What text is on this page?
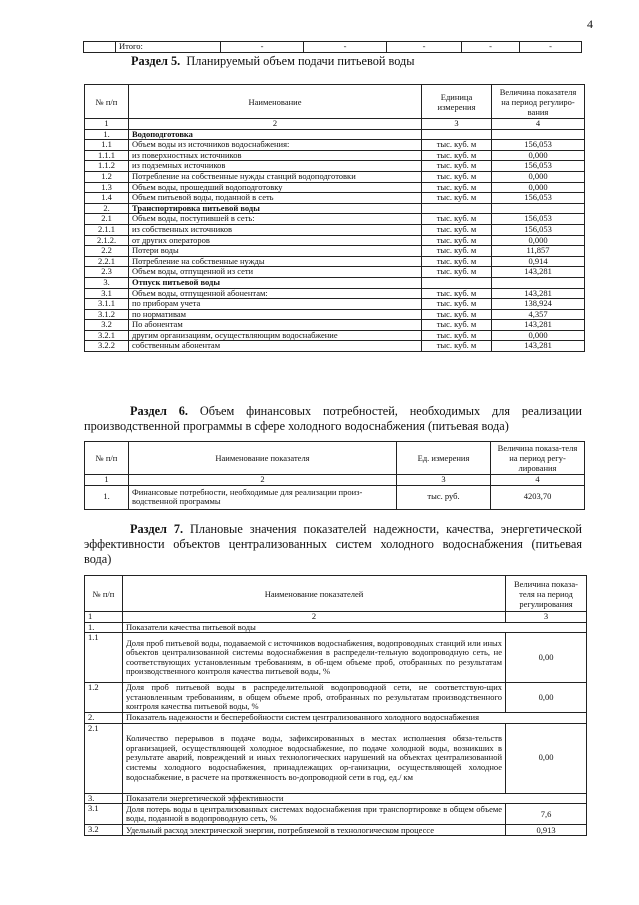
4
	Итого:	-	-	-	-	-
Раздел 5. Планируемый объем подачи питьевой воды
№ п/п	Наименование	Единица измерения	Величина показателя на период регулиро-вания
1	2	3	4
1.	Водоподготовка		
1.1	Объем воды из источников водоснабжения:	тыс. куб. м	156,053
1.1.1	из поверхностных источников	тыс. куб. м	0,000
1.1.2	из подземных источников	тыс. куб. м	156,053
1.2	Потребление на собственные нужды станций водоподготовки	тыс. куб. м	0,000
1.3	Объем воды, прошедший водоподготовку	тыс. куб. м	0,000
1.4	Объем питьевой воды, поданной в сеть	тыс. куб. м	156,053
2.	Транспортировка питьевой воды		
2.1	Объем воды, поступившей в сеть:	тыс. куб. м	156,053
2.1.1	из собственных источников	тыс. куб. м	156,053
2.1.2.	от других операторов	тыс. куб. м	0,000
2.2	Потери воды	тыс. куб. м	11,857
2.2.1	Потребление на собственные нужды	тыс. куб. м	0,914
2.3	Объем воды, отпущенной из сети	тыс. куб. м	143,281
3.	Отпуск питьевой воды		
3.1	Объем воды, отпущенной абонентам:	тыс. куб. м	143,281
3.1.1	по приборам учета	тыс. куб. м	138,924
3.1.2	по нормативам	тыс. куб. м	4,357
3.2	По абонентам	тыс. куб. м	143,281
3.2.1	другим организациям, осуществляющим водоснабжение	тыс. куб. м	0,000
3.2.2	собственным абонентам	тыс. куб. м	143,281
Раздел 6. Объем финансовых потребностей, необходимых для реализации
производственной программы в сфере холодного водоснабжения (питьевая вода)
№ п/п	Наименование показателя	Ед. измерения	Величина показа-теля на период регу-лирования
1	2	3	4
1.	Финансовые потребности, необходимые для реализации произ-водственной программы	тыс. руб.	4203,70
Раздел 7. Плановые значения показателей надежности, качества, энергетической
эффективности объектов централизованных систем холодного водоснабжения (питьевая
вода)
№ п/п	Наименование показателей	Величина показа-теля на период регулирования
1	2	3
1.	Показатели качества питьевой воды	
1.1	Доля проб питьевой воды, подаваемой с источников водоснабжения, водопроводных станций или иных объектов централизованной системы водоснабжения в распредели-тельную водопроводную сеть, не соответствующих установленным требованиям, в об-щем объеме проб, отобранных по результатам производственного контроля качества питьевой воды, %	0,00
1.2	Доля проб питьевой воды в распределительной водопроводной сети, не соответствую-щих установленным требованиям, в общем объеме проб, отобранных по результатам производственного контроля качества питьевой воды, %	0,00
2.	Показатель надежности и бесперебойности систем централизованного холодного водоснабжения	
2.1	Количество перерывов в подаче воды, зафиксированных в местах исполнения обяза-тельств организацией, осуществляющей холодное водоснабжение, по подаче холодной воды, возникших в результате аварий, повреждений и иных технологических нарушений на объектах централизованной системы холодного водоснабжения, принадлежащих ор-ганизации, осуществляющей холодное водоснабжение, в расчете на протяженность во-допроводной сети в год, ед./ км	0,00
3.	Показатели энергетической эффективности	
3.1	Доля потерь воды в централизованных системах водоснабжения при транспортировке в общем объеме воды, поданной в водопроводную сеть, %	7,6
3.2	Удельный расход электрической энергии, потребляемой в технологическом процессе	0,913
